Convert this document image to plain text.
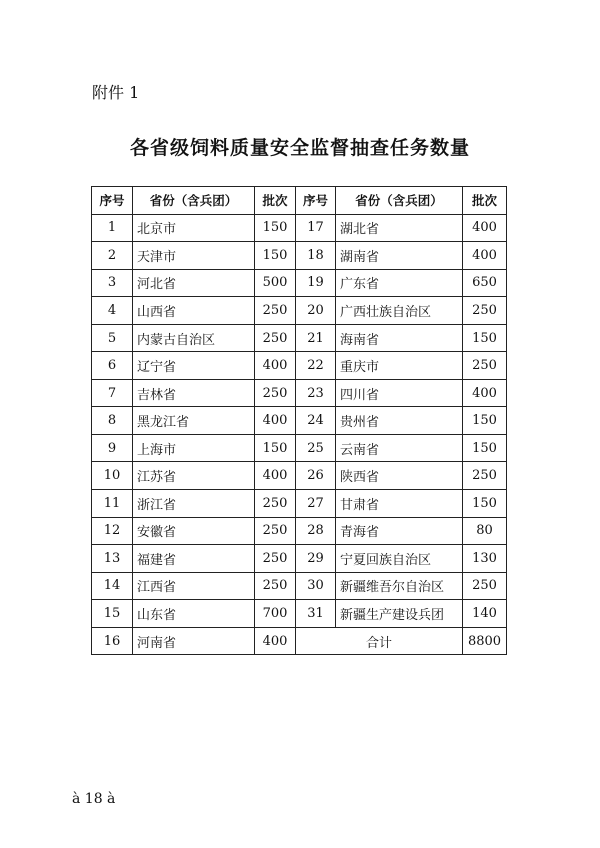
附件 1
各省级饲料质量安全监督抽查任务数量
序号	省份（含兵团）	批次	序号	省份（含兵团）	批次
1	北京市	150	17	湖北省	400
2	天津市	150	18	湖南省	400
3	河北省	500	19	广东省	650
4	山西省	250	20	广西壮族自治区	250
5	内蒙古自治区	250	21	海南省	150
6	辽宁省	400	22	重庆市	250
7	吉林省	250	23	四川省	400
8	黑龙江省	400	24	贵州省	150
9	上海市	150	25	云南省	150
10	江苏省	400	26	陕西省	250
11	浙江省	250	27	甘肃省	150
12	安徽省	250	28	青海省	80
13	福建省	250	29	宁夏回族自治区	130
14	江西省	250	30	新疆维吾尔自治区	250
15	山东省	700	31	新疆生产建设兵团	140
16	河南省	400	合计		8800
à 18 à
